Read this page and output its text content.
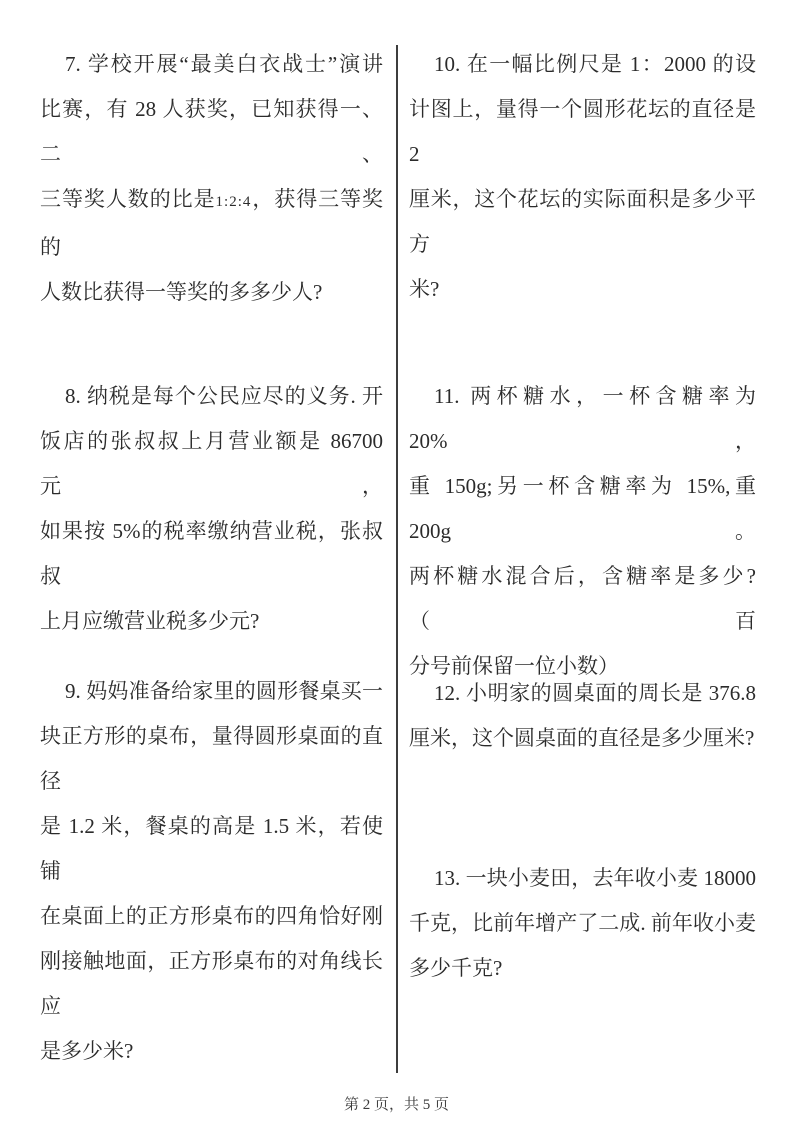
7. 学校开展“最美白衣战士”演讲
比赛，有 28 人获奖，已知获得一、二、
三等奖人数的比是1:2:4，获得三等奖的
人数比获得一等奖的多多少人?
8. 纳税是每个公民应尽的义务. 开
饭店的张叔叔上月营业额是 86700 元，
如果按 5%的税率缴纳营业税，张叔叔
上月应缴营业税多少元?
9. 妈妈准备给家里的圆形餐桌买一
块正方形的桌布，量得圆形桌面的直径
是 1.2 米，餐桌的高是 1.5 米，若使铺
在桌面上的正方形桌布的四角恰好刚
刚接触地面，正方形桌布的对角线长应
是多少米?
10. 在一幅比例尺是 1：2000 的设
计图上，量得一个圆形花坛的直径是 2
厘米，这个花坛的实际面积是多少平方
米?
11. 两杯糖水，一杯含糖率为 20%，
重 150g;另一杯含糖率为 15%,重 200g。
两杯糖水混合后，含糖率是多少? （百
分号前保留一位小数）
12. 小明家的圆桌面的周长是 376.8
厘米，这个圆桌面的直径是多少厘米?
13. 一块小麦田，去年收小麦 18000
千克，比前年增产了二成. 前年收小麦
多少千克?
第 2 页，共 5 页
